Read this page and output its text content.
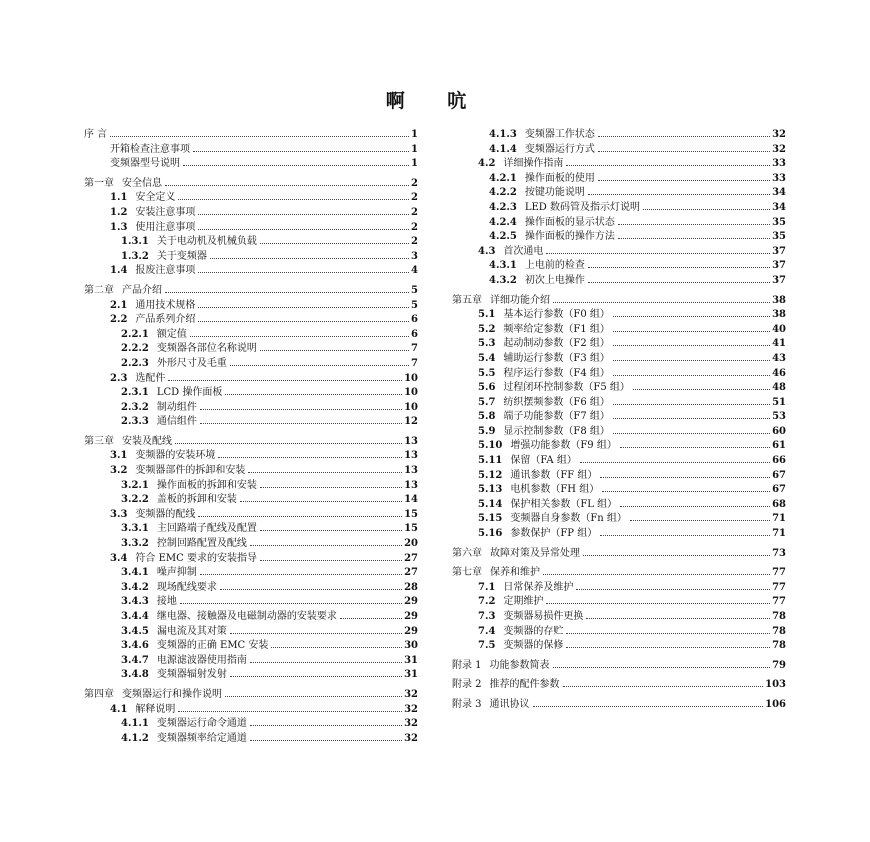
啊 吭
序 言	1
开箱检查注意事项	1
变频器型号说明	1
第一章 安全信息	2
1.1 安全定义	2
1.2 安装注意事项	2
1.3 使用注意事项	2
1.3.1 关于电动机及机械负载	2
1.3.2 关于变频器	3
1.4 报废注意事项	4
第二章 产品介绍	5
2.1 通用技术规格	5
2.2 产品系列介绍	6
2.2.1 额定值	6
2.2.2 变频器各部位名称说明	7
2.2.3 外形尺寸及毛重	7
2.3 选配件	10
2.3.1 LCD 操作面板	10
2.3.2 制动组件	10
2.3.3 通信组件	12
第三章 安装及配线	13
3.1 变频器的安装环境	13
3.2 变频器部件的拆卸和安装	13
3.2.1 操作面板的拆卸和安装	13
3.2.2 盖板的拆卸和安装	14
3.3 变频器的配线	15
3.3.1 主回路端子配线及配置	15
3.3.2 控制回路配置及配线	20
3.4 符合 EMC 要求的安装指导	27
3.4.1 噪声抑制	27
3.4.2 现场配线要求	28
3.4.3 接地	29
3.4.4 继电器、接触器及电磁制动器的安装要求	29
3.4.5 漏电流及其对策	29
3.4.6 变频器的正确 EMC 安装	30
3.4.7 电源滤波器使用指南	31
3.4.8 变频器辐射发射	31
第四章 变频器运行和操作说明	32
4.1 解释说明	32
4.1.1 变频器运行命令通道	32
4.1.2 变频器频率给定通道	32
4.1.3 变频器工作状态	32
4.1.4 变频器运行方式	32
4.2 详细操作指南	33
4.2.1 操作面板的使用	33
4.2.2 按键功能说明	34
4.2.3 LED 数码管及指示灯说明	34
4.2.4 操作面板的显示状态	35
4.2.5 操作面板的操作方法	35
4.3 首次通电	37
4.3.1 上电前的检查	37
4.3.2 初次上电操作	37
第五章 详细功能介绍	38
5.1 基本运行参数（F0 组）	38
5.2 频率给定参数（F1 组）	40
5.3 起动制动参数（F2 组）	41
5.4 辅助运行参数（F3 组）	43
5.5 程序运行参数（F4 组）	46
5.6 过程闭环控制参数（F5 组）	48
5.7 纺织摆频参数（F6 组）	51
5.8 端子功能参数（F7 组）	53
5.9 显示控制参数（F8 组）	60
5.10 增强功能参数（F9 组）	61
5.11 保留（FA 组）	66
5.12 通讯参数（FF 组）	67
5.13 电机参数（FH 组）	67
5.14 保护相关参数（FL 组）	68
5.15 变频器自身参数（Fn 组）	71
5.16 参数保护（FP 组）	71
第六章 故障对策及异常处理	73
第七章 保养和维护	77
7.1 日常保养及维护	77
7.2 定期维护	77
7.3 变频器易损件更换	78
7.4 变频器的存贮	78
7.5 变频器的保修	78
附录 1 功能参数简表	79
附录 2 推荐的配件参数	103
附录 3 通讯协议	106
